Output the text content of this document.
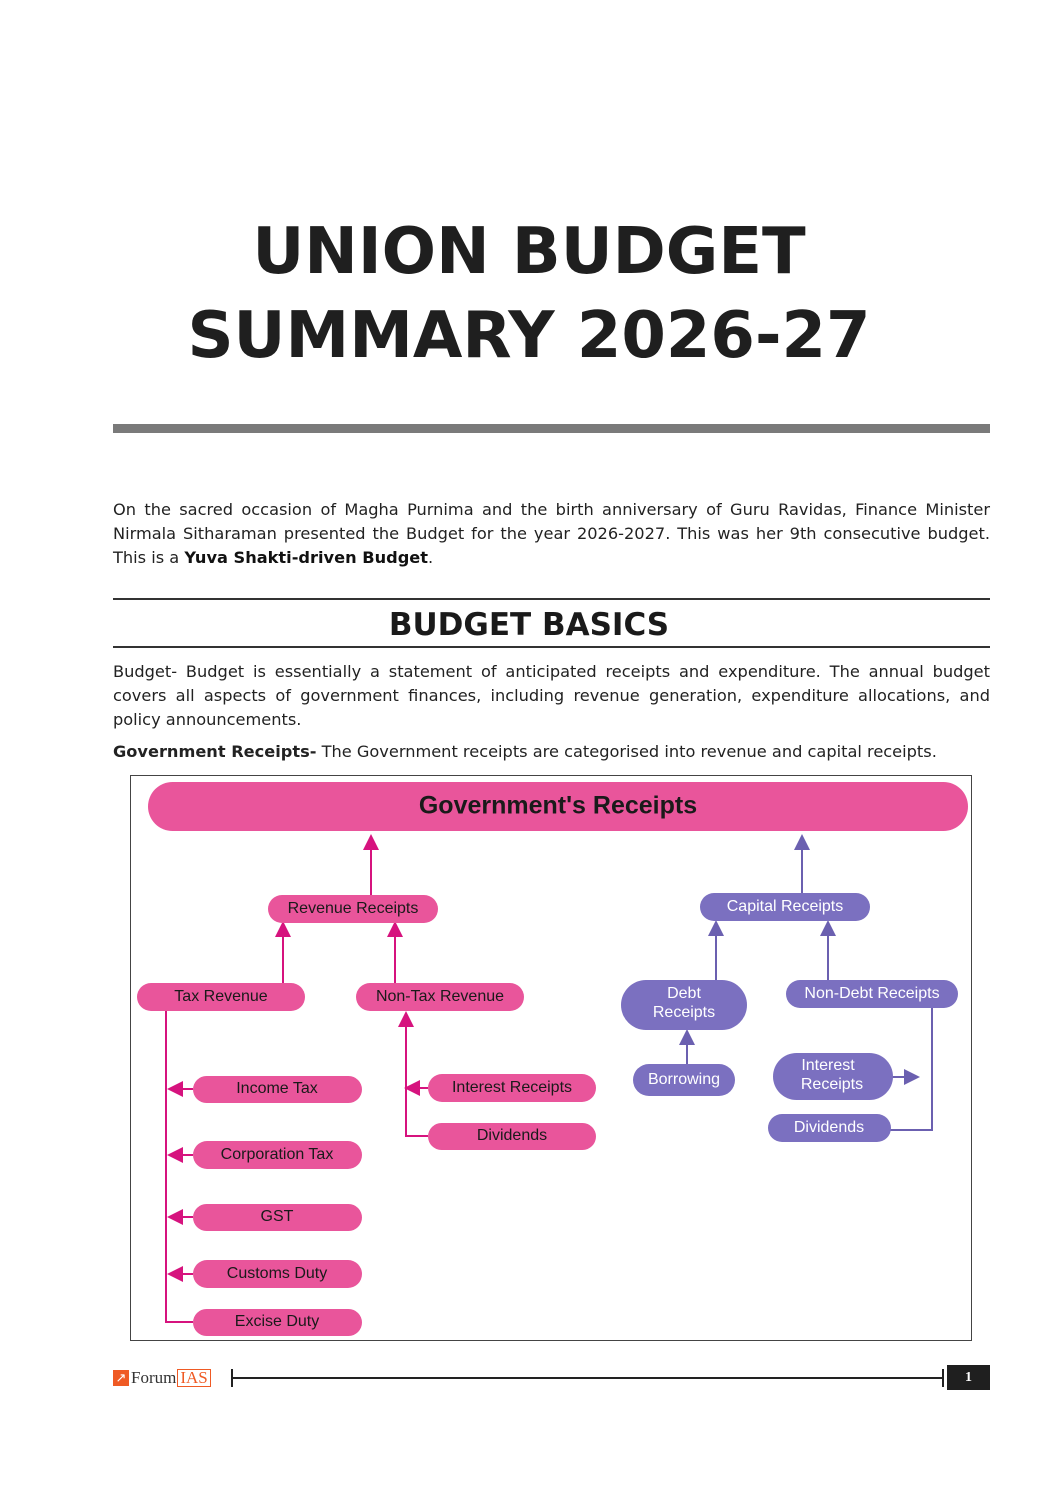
UNION BUDGET
SUMMARY 2026-27
On the sacred occasion of Magha Purnima and the birth anniversary of Guru Ravidas, Finance Minister Nirmala Sitharaman presented the Budget for the year 2026-2027. This was her 9th consecutive budget. This is a Yuva Shakti-driven Budget.
BUDGET BASICS
Budget- Budget is essentially a statement of anticipated receipts and expenditure. The annual budget covers all aspects of government finances, including revenue generation, expenditure allocations, and policy announcements.
Government Receipts- The Government receipts are categorised into revenue and capital receipts.
Government's Receipts
Revenue Receipts
Tax Revenue	Non-Tax Revenue
Income Tax
Corporation Tax
GST
Customs Duty
Excise Duty
Interest Receipts
Dividends
Capital Receipts
Debt
Receipts
Non-Debt Receipts
Borrowing
Interest
Receipts
Dividends
↗ Forum IAS	1
